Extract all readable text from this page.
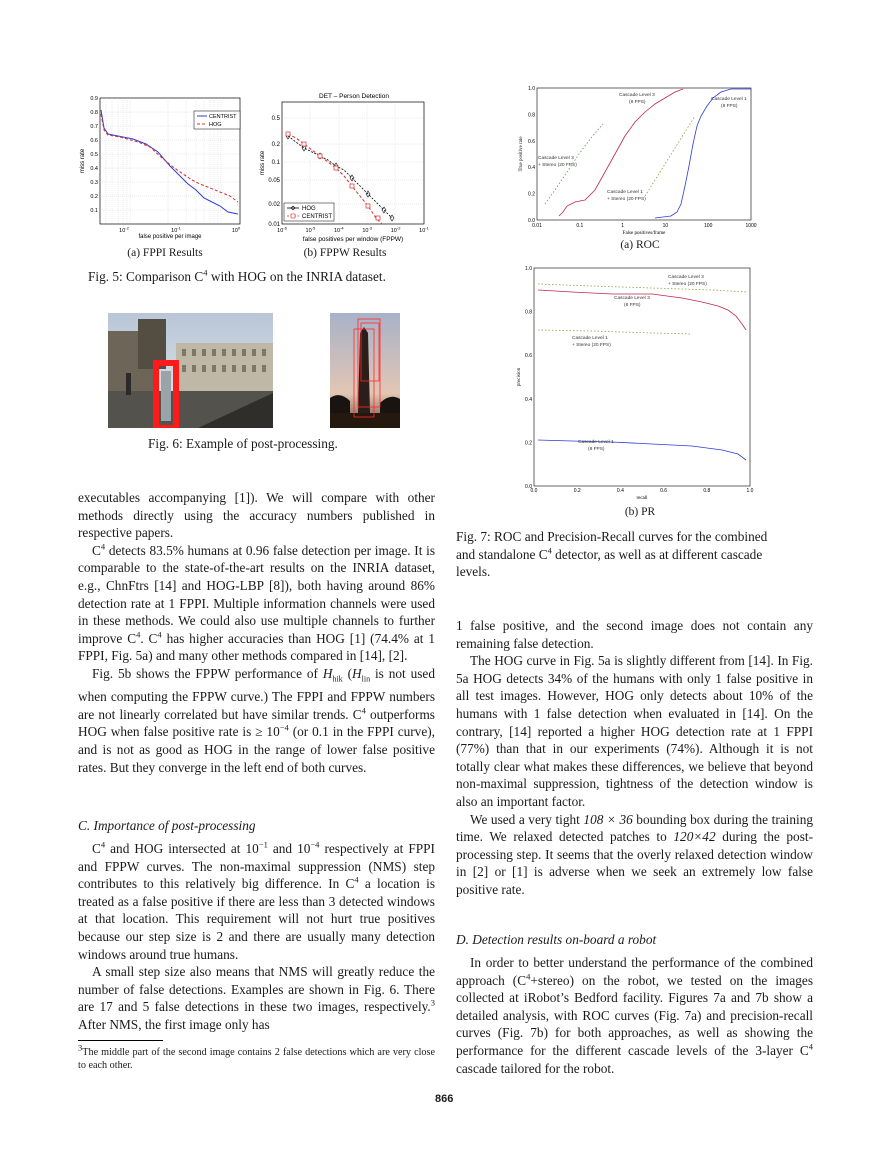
0.9
0.8
0.7
0.6
0.5
0.4
0.3
0.2
0.1
$10^{-2}$	$10^{-1}$	$10^0$
miss rate
false positive per image
CENTRIST
HOG
(a) FPPI Results
DET – Person Detection
0.5
0.2
0.1
0.05
0.02
0.01
$10^{-6}$	$10^{-5}$	$10^{-4}$	$10^{-3}$	$10^{-2}$	$10^{-1}$
miss rate
false positives per window (FPPW)
HOG
CENTRIST
(b) FPPW Results
Fig. 5: Comparison $C^4$ with HOG on the INRIA dataset.
Fig. 6: Example of post-processing.
1.0
0.8
0.6
0.4
0.2
0.0
0.01	0.1	1	10	100	1000
Cascade Level 3
(8 FPS)
Cascade Level 1
(8 FPS)
Cascade Level 3
+ Stereo (20 FPS)
Cascade Level 1
+ Stereo (20 FPS)
True positive rate
False positives/frame
(a) ROC
1.0
0.8
0.6
0.4
0.2
0.0
0.0	0.2	0.4	0.6	0.8	1.0
Cascade Level 3
+ Stereo (20 FPS)
Cascade Level 3
(8 FPS)
Cascade Level 1
+ Stereo (20 FPS)
Cascade Level 1
(8 FPS)
precision
recall
(b) PR
Fig. 7: ROC and Precision-Recall curves for the combined
and standalone $C^4$ detector, as well as at different cascade
levels.

executables accompanying [1]). We will compare with other methods directly using the accuracy numbers published in respective papers.

$C^4$ detects 83.5% humans at 0.96 false detection per image. It is comparable to the state-of-the-art results on the INRIA dataset, e.g., ChnFtrs [14] and HOG-LBP [8]), both having around 86% detection rate at 1 FPPI. Multiple information channels were used in these methods. We could also use multiple channels to further improve $C^4$. $C^4$ has higher accuracies than HOG [1] (74.4% at 1 FPPI, Fig. 5a) and many other methods compared in [14], [2].

Fig. 5b shows the FPPW performance of $H_{hik}$ ($H_{lin}$ is not used when computing the FPPW curve.) The FPPI and FPPW numbers are not linearly correlated but have similar trends. $C^4$ outperforms HOG when false positive rate is ≥ $10^{-4}$ (or 0.1 in the FPPI curve), and is not as good as HOG in the range of lower false positive rates. But they converge in the left end of both curves.

C. Importance of post-processing

$C^4$ and HOG intersected at $10^{-1}$ and $10^{-4}$ respectively at FPPI and FPPW curves. The non-maximal suppression (NMS) step contributes to this relatively big difference. In $C^4$ a location is treated as a false positive if there are less than 3 detected windows at that location. This requirement will not hurt true positives because our step size is 2 and there are usually many detection windows around true humans.

A small step size also means that NMS will greatly reduce the number of false detections. Examples are shown in Fig. 6. There are 17 and 5 false detections in these two images, respectively.$^3$ After NMS, the first image only has

$^3$The middle part of the second image contains 2 false detections which are very close to each other.

1 false positive, and the second image does not contain any remaining false detection.

The HOG curve in Fig. 5a is slightly different from [14]. In Fig. 5a HOG detects 34% of the humans with only 1 false positive in all test images. However, HOG only detects about 10% of the humans with 1 false detection when evaluated in [14]. On the contrary, [14] reported a higher HOG detection rate at 1 FPPI (77%) than that in our experiments (74%). Although it is not totally clear what makes these differences, we believe that beyond non-maximal suppression, tightness of the detection window is also an important factor.

We used a very tight 108 × 36 bounding box during the training time. We relaxed detected patches to 120×42 during the post-processing step. It seems that the overly relaxed detection window in [2] or [1] is adverse when we seek an extremely low false positive rate.

D. Detection results on-board a robot

In order to better understand the performance of the combined approach $(C^4+stereo)$ on the robot, we tested on the images collected at iRobot’s Bedford facility. Figures 7a and 7b show a detailed analysis, with ROC curves (Fig. 7a) and precision-recall curves (Fig. 7b) for both approaches, as well as showing the performance for the different cascade levels of the 3-layer $C^4$ cascade tailored for the robot.

866
